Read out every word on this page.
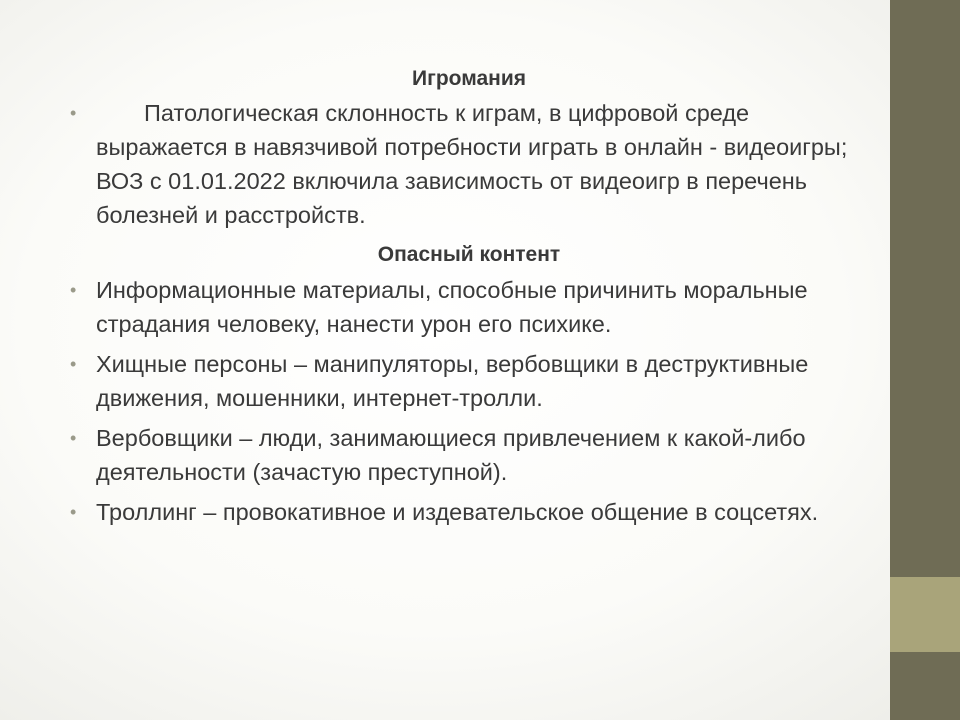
Игромания

•	Патологическая склонность к играм, в цифровой среде выражается в навязчивой потребности играть в онлайн - видеоигры; ВОЗ с 01.01.2022 включила зависимость от видеоигр в перечень болезней и расстройств.

Опасный контент

• Информационные материалы, способные причинить моральные страдания человеку, нанести урон его психике.
• Хищные персоны – манипуляторы, вербовщики в деструктивные движения, мошенники, интернет-тролли.
• Вербовщики – люди, занимающиеся привлечением к какой-либо деятельности (зачастую преступной).
• Троллинг – провокативное и издевательское общение в соцсетях.
